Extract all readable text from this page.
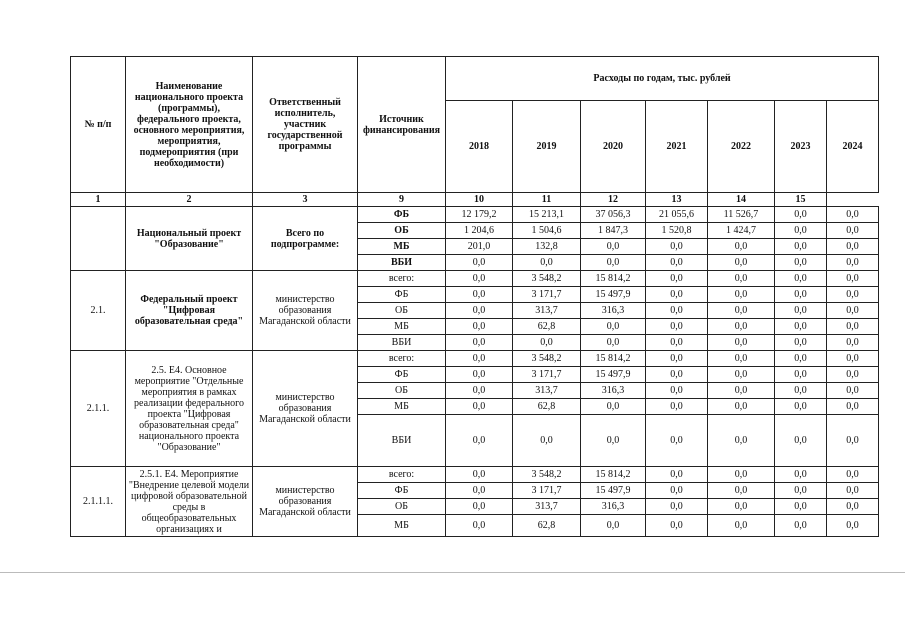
№ п/п	Наименование национального проекта (программы), федерального проекта, основного мероприятия, мероприятия, подмероприятия (при необходимости)	Ответственный исполнитель, участник государственной программы	Источник финансирования	Расходы по годам, тыс. рублей						
				2018	2019	2020	2021	2022	2023	2024
1	2	3	9	10	11	12	13	14	15	
	Национальный проект "Образование"	Всего по подпрограмме:	ФБ	12 179,2	15 213,1	37 056,3	21 055,6	11 526,7	0,0	0,0
			ОБ	1 204,6	1 504,6	1 847,3	1 520,8	1 424,7	0,0	0,0
			МБ	201,0	132,8	0,0	0,0	0,0	0,0	0,0
			ВБИ	0,0	0,0	0,0	0,0	0,0	0,0	0,0
2.1.	Федеральный проект "Цифровая образовательная среда"	министерство образования Магаданской области	всего:	0,0	3 548,2	15 814,2	0,0	0,0	0,0	0,0
			ФБ	0,0	3 171,7	15 497,9	0,0	0,0	0,0	0,0
			ОБ	0,0	313,7	316,3	0,0	0,0	0,0	0,0
			МБ	0,0	62,8	0,0	0,0	0,0	0,0	0,0
			ВБИ	0,0	0,0	0,0	0,0	0,0	0,0	0,0
2.1.1.	2.5. Е4. Основное мероприятие "Отдельные мероприятия в рамках реализации федерального проекта "Цифровая образовательная среда" национального проекта "Образование"	министерство образования Магаданской области	всего:	0,0	3 548,2	15 814,2	0,0	0,0	0,0	0,0
			ФБ	0,0	3 171,7	15 497,9	0,0	0,0	0,0	0,0
			ОБ	0,0	313,7	316,3	0,0	0,0	0,0	0,0
			МБ	0,0	62,8	0,0	0,0	0,0	0,0	0,0
			ВБИ	0,0	0,0	0,0	0,0	0,0	0,0	0,0
2.1.1.1.	2.5.1. Е4. Мероприятие "Внедрение целевой модели цифровой образовательной среды в общеобразовательных организациях и	министерство образования Магаданской области	всего:	0,0	3 548,2	15 814,2	0,0	0,0	0,0	0,0
			ФБ	0,0	3 171,7	15 497,9	0,0	0,0	0,0	0,0
			ОБ	0,0	313,7	316,3	0,0	0,0	0,0	0,0
			МБ	0,0	62,8	0,0	0,0	0,0	0,0	0,0
